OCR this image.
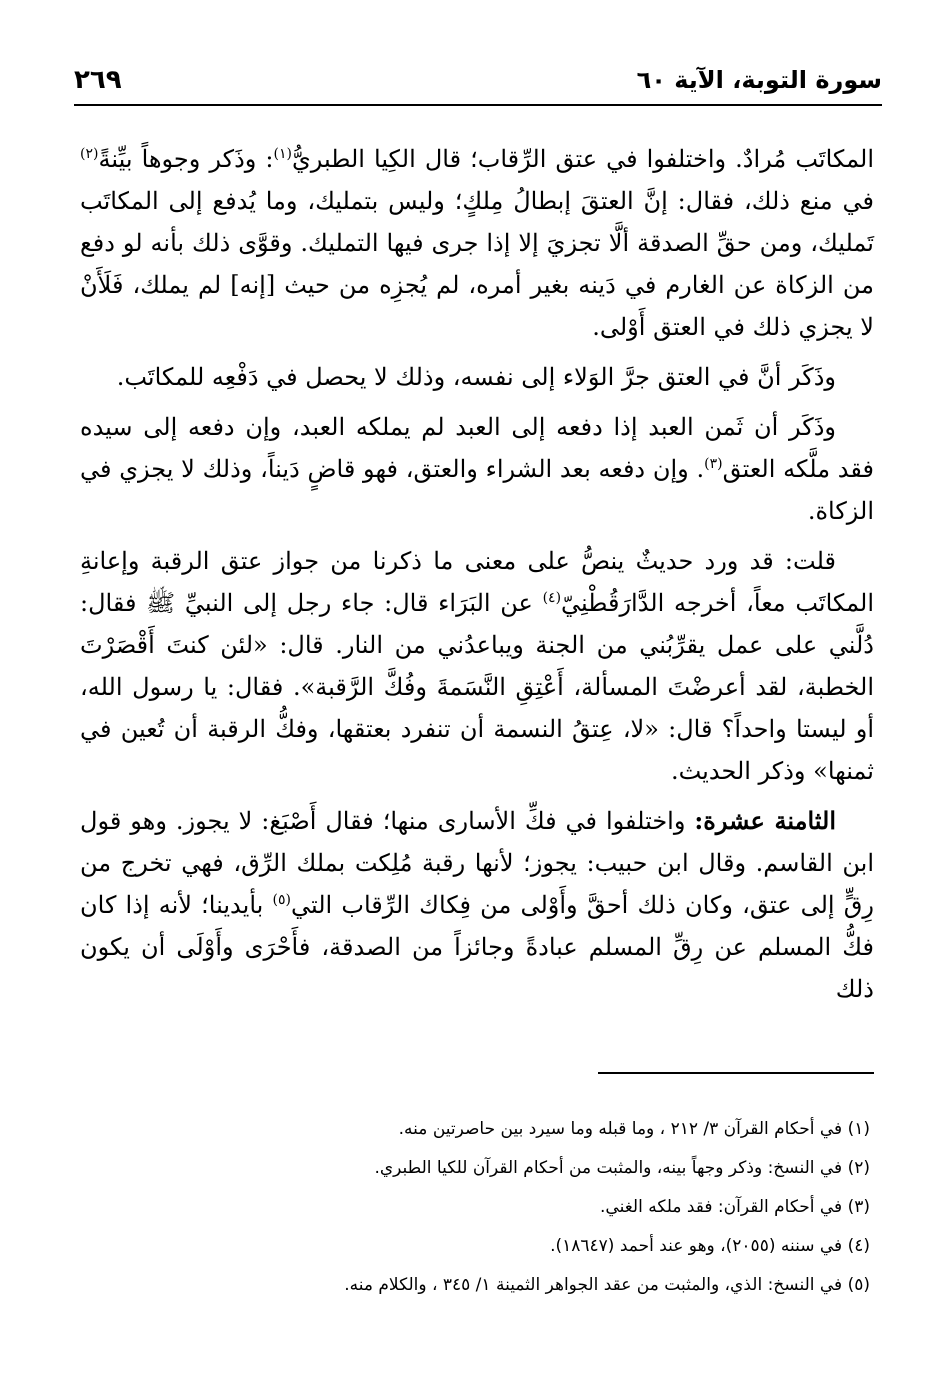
سورة التوبة، الآية ٦٠
٢٦٩

المكاتَب مُرادٌ. واختلفوا في عتق الرِّقاب؛ قال الكِيا الطبريُّ$^{(١)}$: وذَكر وجوهاً بيِّنةً$^{(٢)}$ في منع ذلك، فقال: إنَّ العتقَ إبطالُ مِلكٍ؛ وليس بتمليك، وما يُدفع إلى المكاتَب تَمليك، ومن حقِّ الصدقة ألَّا تجزيَ إلا إذا جرى فيها التمليك. وقوَّى ذلك بأنه لو دفع من الزكاة عن الغارم في دَينه بغير أمره، لم يُجزِه من حيث [إنه] لم يملك، فَلَأَنْ لا يجزي ذلك في العتق أَوْلى.

وذَكَر أنَّ في العتق جرَّ الوَلاء إلى نفسه، وذلك لا يحصل في دَفْعِه للمكاتَب.

وذَكَر أن ثَمن العبد إذا دفعه إلى العبد لم يملكه العبد، وإن دفعه إلى سيده فقد ملَّكه العتق$^{(٣)}$. وإن دفعه بعد الشراء والعتق، فهو قاضٍ دَيناً، وذلك لا يجزي في الزكاة.

قلت: قد ورد حديثٌ ينصُّ على معنى ما ذكرنا من جواز عتق الرقبة وإعانةِ المكاتَب معاً، أخرجه الدَّارَقُطْنِيّ$^{(٤)}$ عن البَرَاء قال: جاء رجل إلى النبيِّ ﷺ فقال: دُلَّني على عمل يقرِّبُني من الجنة ويباعدُني من النار. قال: «لئن كنتَ أَقْصَرْتَ الخطبة، لقد أعرضْتَ المسألة، أَعْتِقِ النَّسَمةَ وفُكَّ الرَّقبة». فقال: يا رسول الله، أو ليستا واحداً؟ قال: «لا، عِتقُ النسمة أن تنفرد بعتقها، وفكُّ الرقبة أن تُعين في ثمنها» وذكر الحديث.

الثامنة عشرة: واختلفوا في فكِّ الأسارى منها؛ فقال أَصْبَغ: لا يجوز. وهو قول ابن القاسم. وقال ابن حبيب: يجوز؛ لأنها رقبة مُلِكت بملك الرِّق، فهي تخرج من رِقٍّ إلى عتق، وكان ذلك أحقَّ وأَوْلى من فِكاك الرِّقاب التي$^{(٥)}$ بأيدينا؛ لأنه إذا كان فكُّ المسلم عن رِقِّ المسلم عبادةً وجائزاً من الصدقة، فأَحْرَى وأَوْلَى أن يكون ذلك

(١) في أحكام القرآن ٣/ ٢١٢ ، وما قبله وما سيرد بين حاصرتين منه.
(٢) في النسخ: وذكر وجهاً بينه، والمثبت من أحكام القرآن للكيا الطبري.
(٣) في أحكام القرآن: فقد ملكه الغني.
(٤) في سننه (٢٠٥٥)، وهو عند أحمد (١٨٦٤٧).
(٥) في النسخ: الذي، والمثبت من عقد الجواهر الثمينة ١/ ٣٤٥ ، والكلام منه.
